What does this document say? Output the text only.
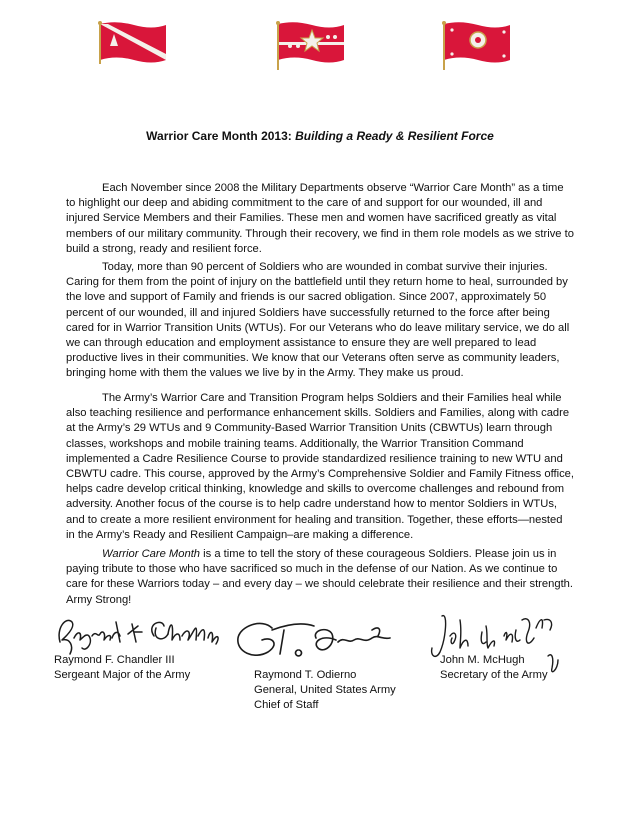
Warrior Care Month 2013: Building a Ready & Resilient Force

Each November since 2008 the Military Departments observe “Warrior Care Month” as a time to highlight our deep and abiding commitment to the care of and support for our wounded, ill and injured Service Members and their Families. These men and women have sacrificed greatly as vital members of our military community. Through their recovery, we find in them role models as we strive to build a strong, ready and resilient force.

Today, more than 90 percent of Soldiers who are wounded in combat survive their injuries. Caring for them from the point of injury on the battlefield until they return home to heal, surrounded by the love and support of Family and friends is our sacred obligation. Since 2007, approximately 50 percent of our wounded, ill and injured Soldiers have successfully returned to the force after being cared for in Warrior Transition Units (WTUs). For our Veterans who do leave military service, we do all we can through education and employment assistance to ensure they are well prepared to lead productive lives in their communities. We know that our Veterans often serve as community leaders, bringing home with them the values we live by in the Army. They make us proud.

The Army’s Warrior Care and Transition Program helps Soldiers and their Families heal while also teaching resilience and performance enhancement skills. Soldiers and Families, along with cadre at the Army’s 29 WTUs and 9 Community-Based Warrior Transition Units (CBWTUs) learn through classes, workshops and mobile training teams. Additionally, the Warrior Transition Command implemented a Cadre Resilience Course to provide standardized resilience training to new WTU and CBWTU cadre. This course, approved by the Army’s Comprehensive Soldier and Family Fitness office, helps cadre develop critical thinking, knowledge and skills to overcome challenges and rebound from adversity. Another focus of the course is to help cadre understand how to mentor Soldiers in WTUs, and to create a more resilient environment for healing and transition. Together, these efforts—nested in the Army’s Ready and Resilient Campaign–are making a difference.

Warrior Care Month is a time to tell the story of these courageous Soldiers. Please join us in paying tribute to those who have sacrificed so much in the defense of our Nation. As we continue to care for these Warriors today – and every day – we should celebrate their resilience and their strength. Army Strong!

Raymond F. Chandler III
Sergeant Major of the Army	Raymond T. Odierno
General, United States Army
Chief of Staff
John M. McHugh
Secretary of the Army
